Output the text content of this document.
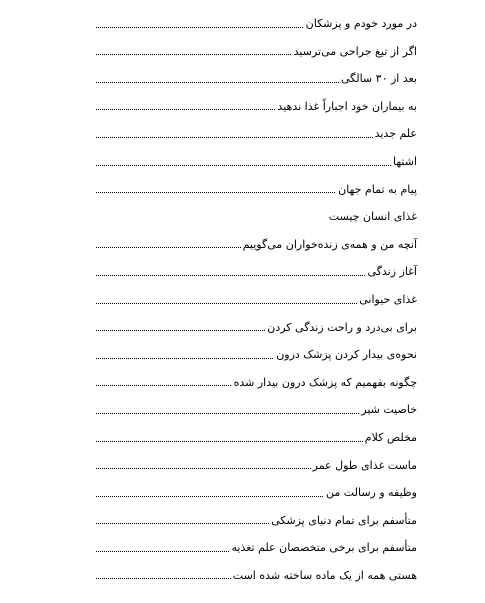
در مورد خودم و پزشکان
اگر از تیغ جراحی می‌ترسید
بعد از ۳۰ سالگی
به بیماران خود اجباراً غذا ندهید
علم جدید
اشتها
پیام به تمام جهان
غذای انسان چیست
آنچه من و همه‌ی زنده‌خواران می‌گوییم
آغاز زندگی
غذای حیوانی
برای بی‌درد و راحت زندگی کردن
نحوه‌ی بیدار کردن پزشک درون
چگونه بفهمیم که پزشک درون بیدار شده
خاصیت شیر
مخلص کلام
ماست غذای طول عمر
وظیفه و رسالت من
متأسفم برای تمام دنیای پزشکی
متأسفم برای برخی متخصصان علم تغذیه
هستی همه از یک ماده ساخته شده است
